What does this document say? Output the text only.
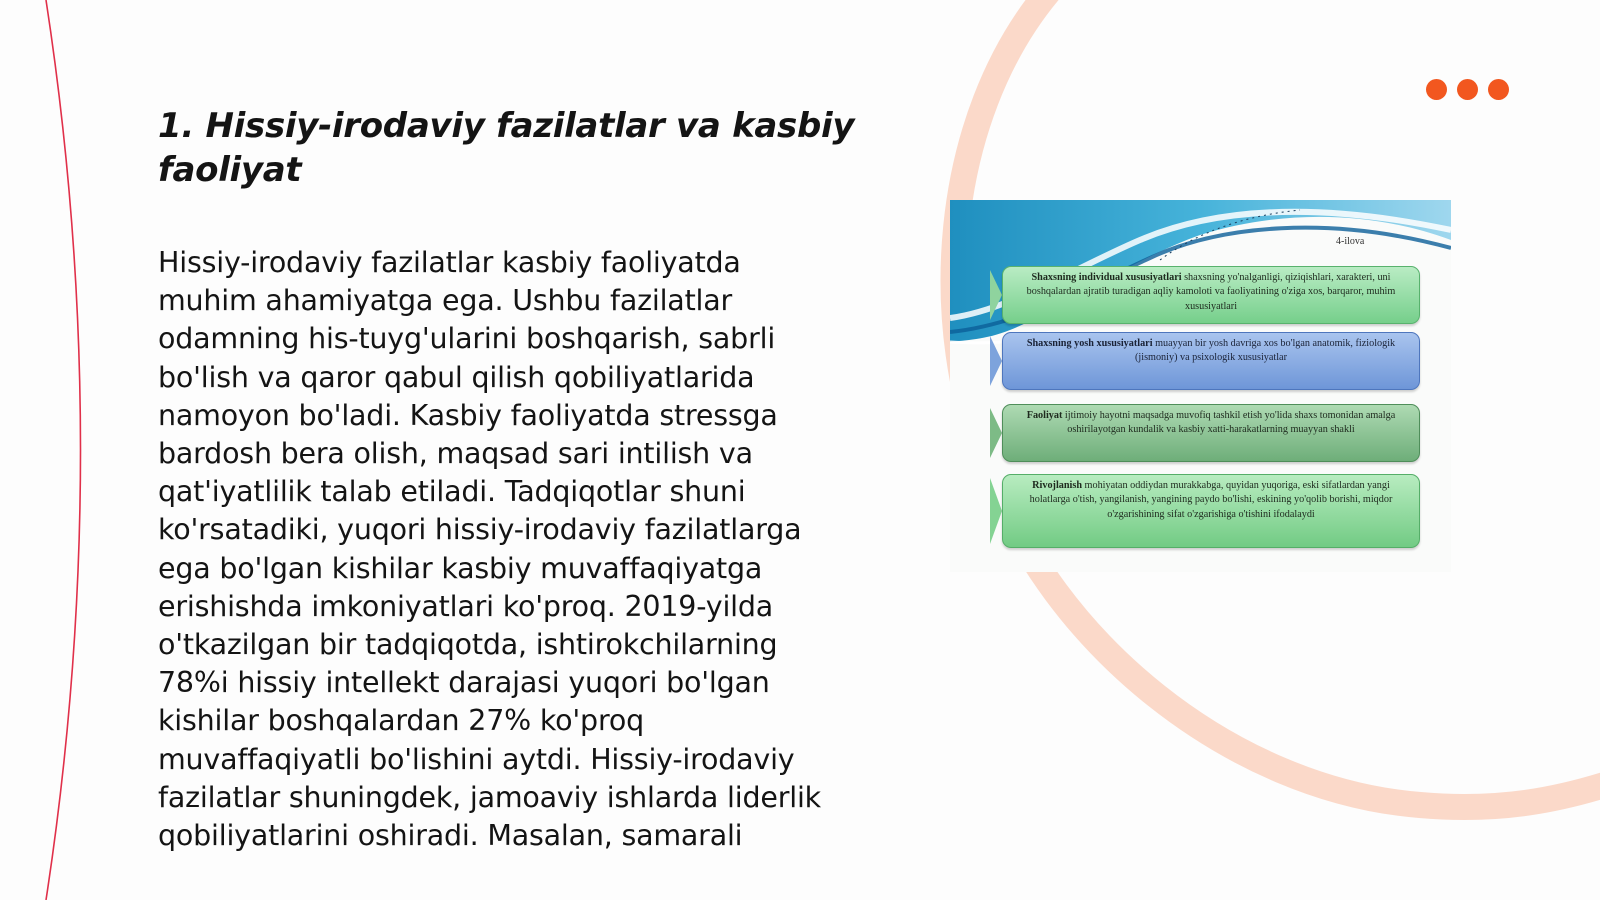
1. Hissiy-irodaviy fazilatlar va kasbiy faoliyat

Hissiy-irodaviy fazilatlar kasbiy faoliyatda muhim ahamiyatga ega. Ushbu fazilatlar odamning his-tuyg'ularini boshqarish, sabrli bo'lish va qaror qabul qilish qobiliyatlarida namoyon bo'ladi. Kasbiy faoliyatda stressga bardosh bera olish, maqsad sari intilish va qat'iyatlilik talab etiladi. Tadqiqotlar shuni ko'rsatadiki, yuqori hissiy-irodaviy fazilatlarga ega bo'lgan kishilar kasbiy muvaffaqiyatga erishishda imkoniyatlari ko'proq. 2019-yilda o'tkazilgan bir tadqiqotda, ishtirokchilarning 78%i hissiy intellekt darajasi yuqori bo'lgan kishilar boshqalardan 27% ko'proq muvaffaqiyatli bo'lishini aytdi. Hissiy-irodaviy fazilatlar shuningdek, jamoaviy ishlarda liderlik qobiliyatlarini oshiradi. Masalan, samarali

4-ilova
Shaxsning individual xususiyatlari shaxsning yo'nalganligi, qiziqishlari, xarakteri, uni boshqalardan ajratib turadigan aqliy kamoloti va faoliyatining o'ziga xos, barqaror, muhim xususiyatlari
Shaxsning yosh xususiyatlari muayyan bir yosh davriga xos bo'lgan anatomik, fiziologik (jismoniy) va psixologik xususiyatlar
Faoliyat ijtimoiy hayotni maqsadga muvofiq tashkil etish yo'lida shaxs tomonidan amalga oshirilayotgan kundalik va kasbiy xatti-harakatlarning muayyan shakli
Rivojlanish mohiyatan oddiydan murakkabga, quyidan yuqoriga, eski sifatlardan yangi holatlarga o'tish, yangilanish, yangining paydo bo'lishi, eskining yo'qolib borishi, miqdor o'zgarishining sifat o'zgarishiga o'tishini ifodalaydi
